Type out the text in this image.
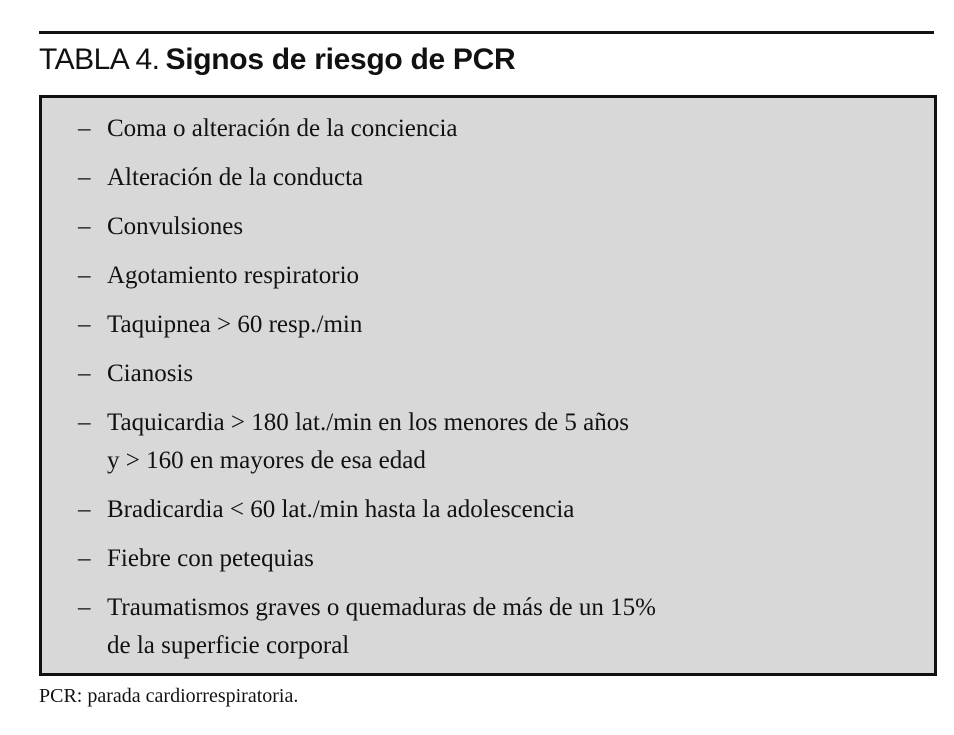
TABLA 4. Signos de riesgo de PCR
– Coma o alteración de la conciencia
– Alteración de la conducta
– Convulsiones
– Agotamiento respiratorio
– Taquipnea > 60 resp./min
– Cianosis
– Taquicardia > 180 lat./min en los menores de 5 años
y > 160 en mayores de esa edad
– Bradicardia < 60 lat./min hasta la adolescencia
– Fiebre con petequias
– Traumatismos graves o quemaduras de más de un 15%
de la superficie corporal
PCR: parada cardiorrespiratoria.
